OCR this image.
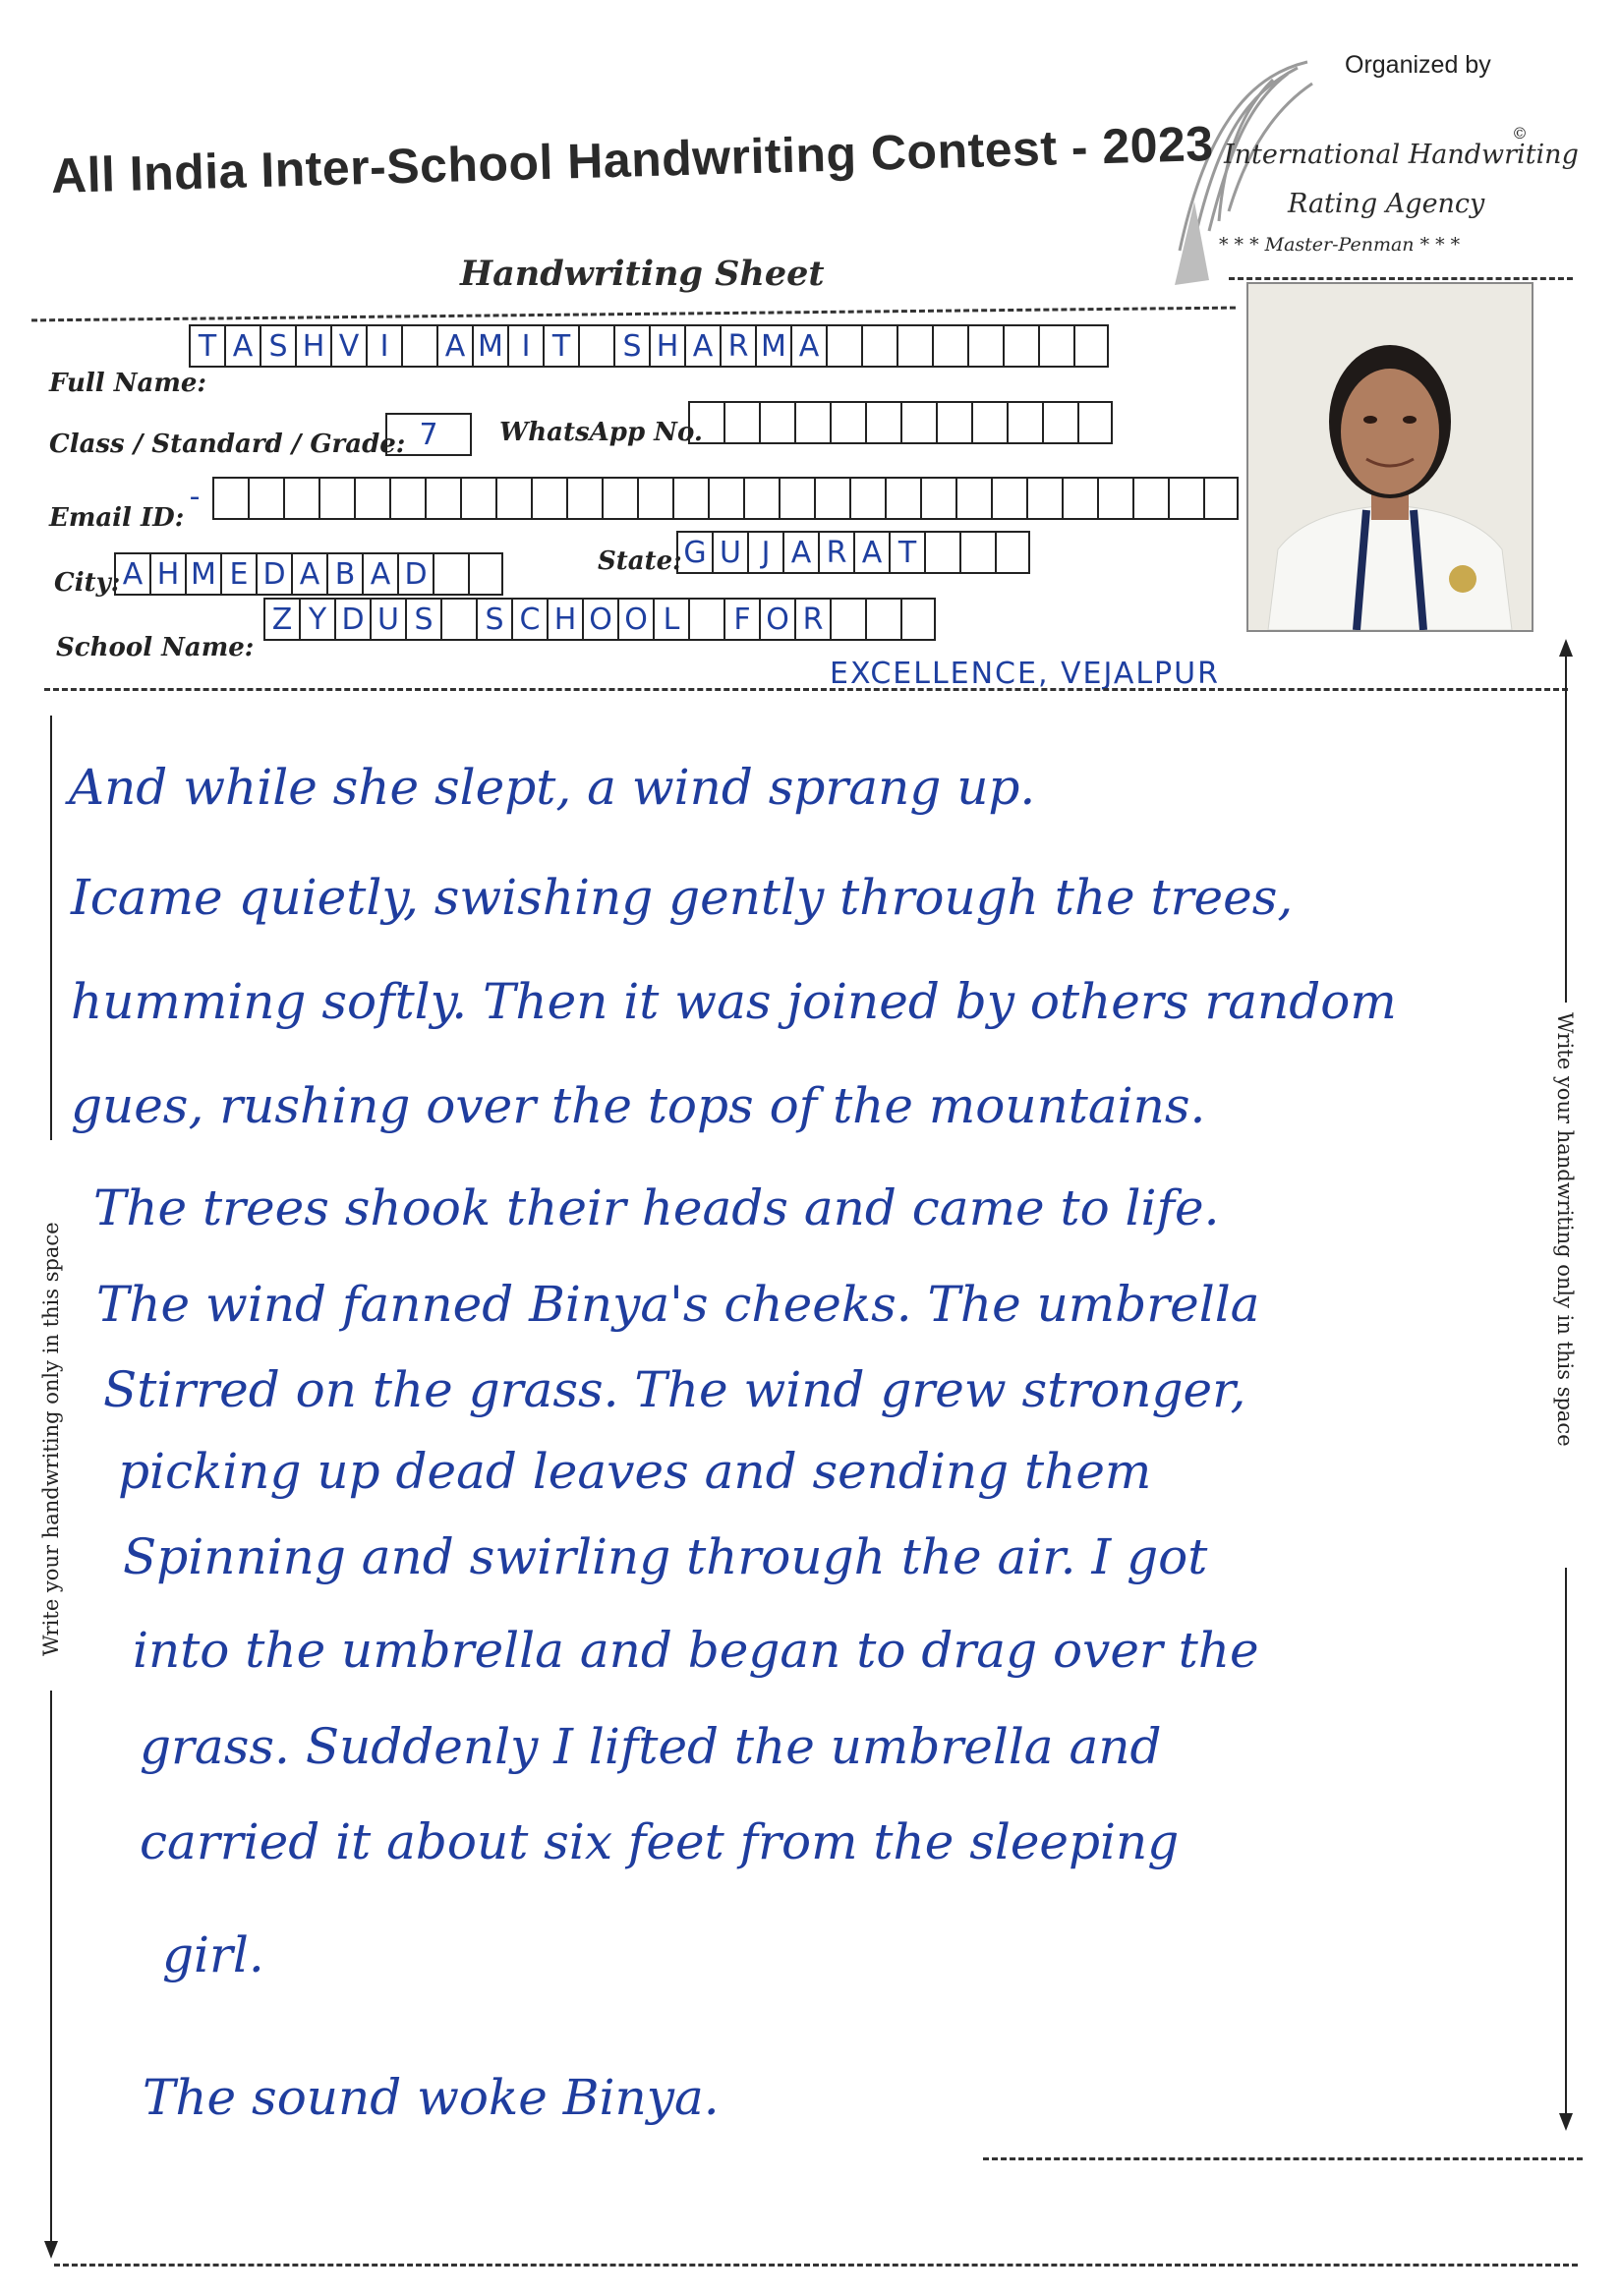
Organized by
International Handwriting
©
Rating Agency
* * * Master-Penman * * *
All India Inter-School Handwriting Contest - 2023
Handwriting Sheet
Full Name:
T A S H V I	A M I T	S H A R M A
Class / Standard / Grade: 7	WhatsApp No.
Email ID:
-
City: A H M E D A B A D	State: G U J A R A T
School Name:
Z Y D U S	S C H O O L	F O R
EXCELLENCE, VEJALPUR
And while she slept, a wind sprang up.
Icame quietly, swishing gently through the trees,
humming softly. Then it was joined by others random
gues, rushing over the tops of the mountains.
The trees shook their heads and came to life.
The wind fanned Binya's cheeks. The umbrella
Stirred on the grass. The wind grew stronger,
picking up dead leaves and sending them
Spinning and swirling through the air. I got
into the umbrella and began to drag over the
grass. Suddenly I lifted the umbrella and
carried it about six feet from the sleeping
girl.
The sound woke Binya.
Write your handwriting only in this space	Write your handwriting only in this space
